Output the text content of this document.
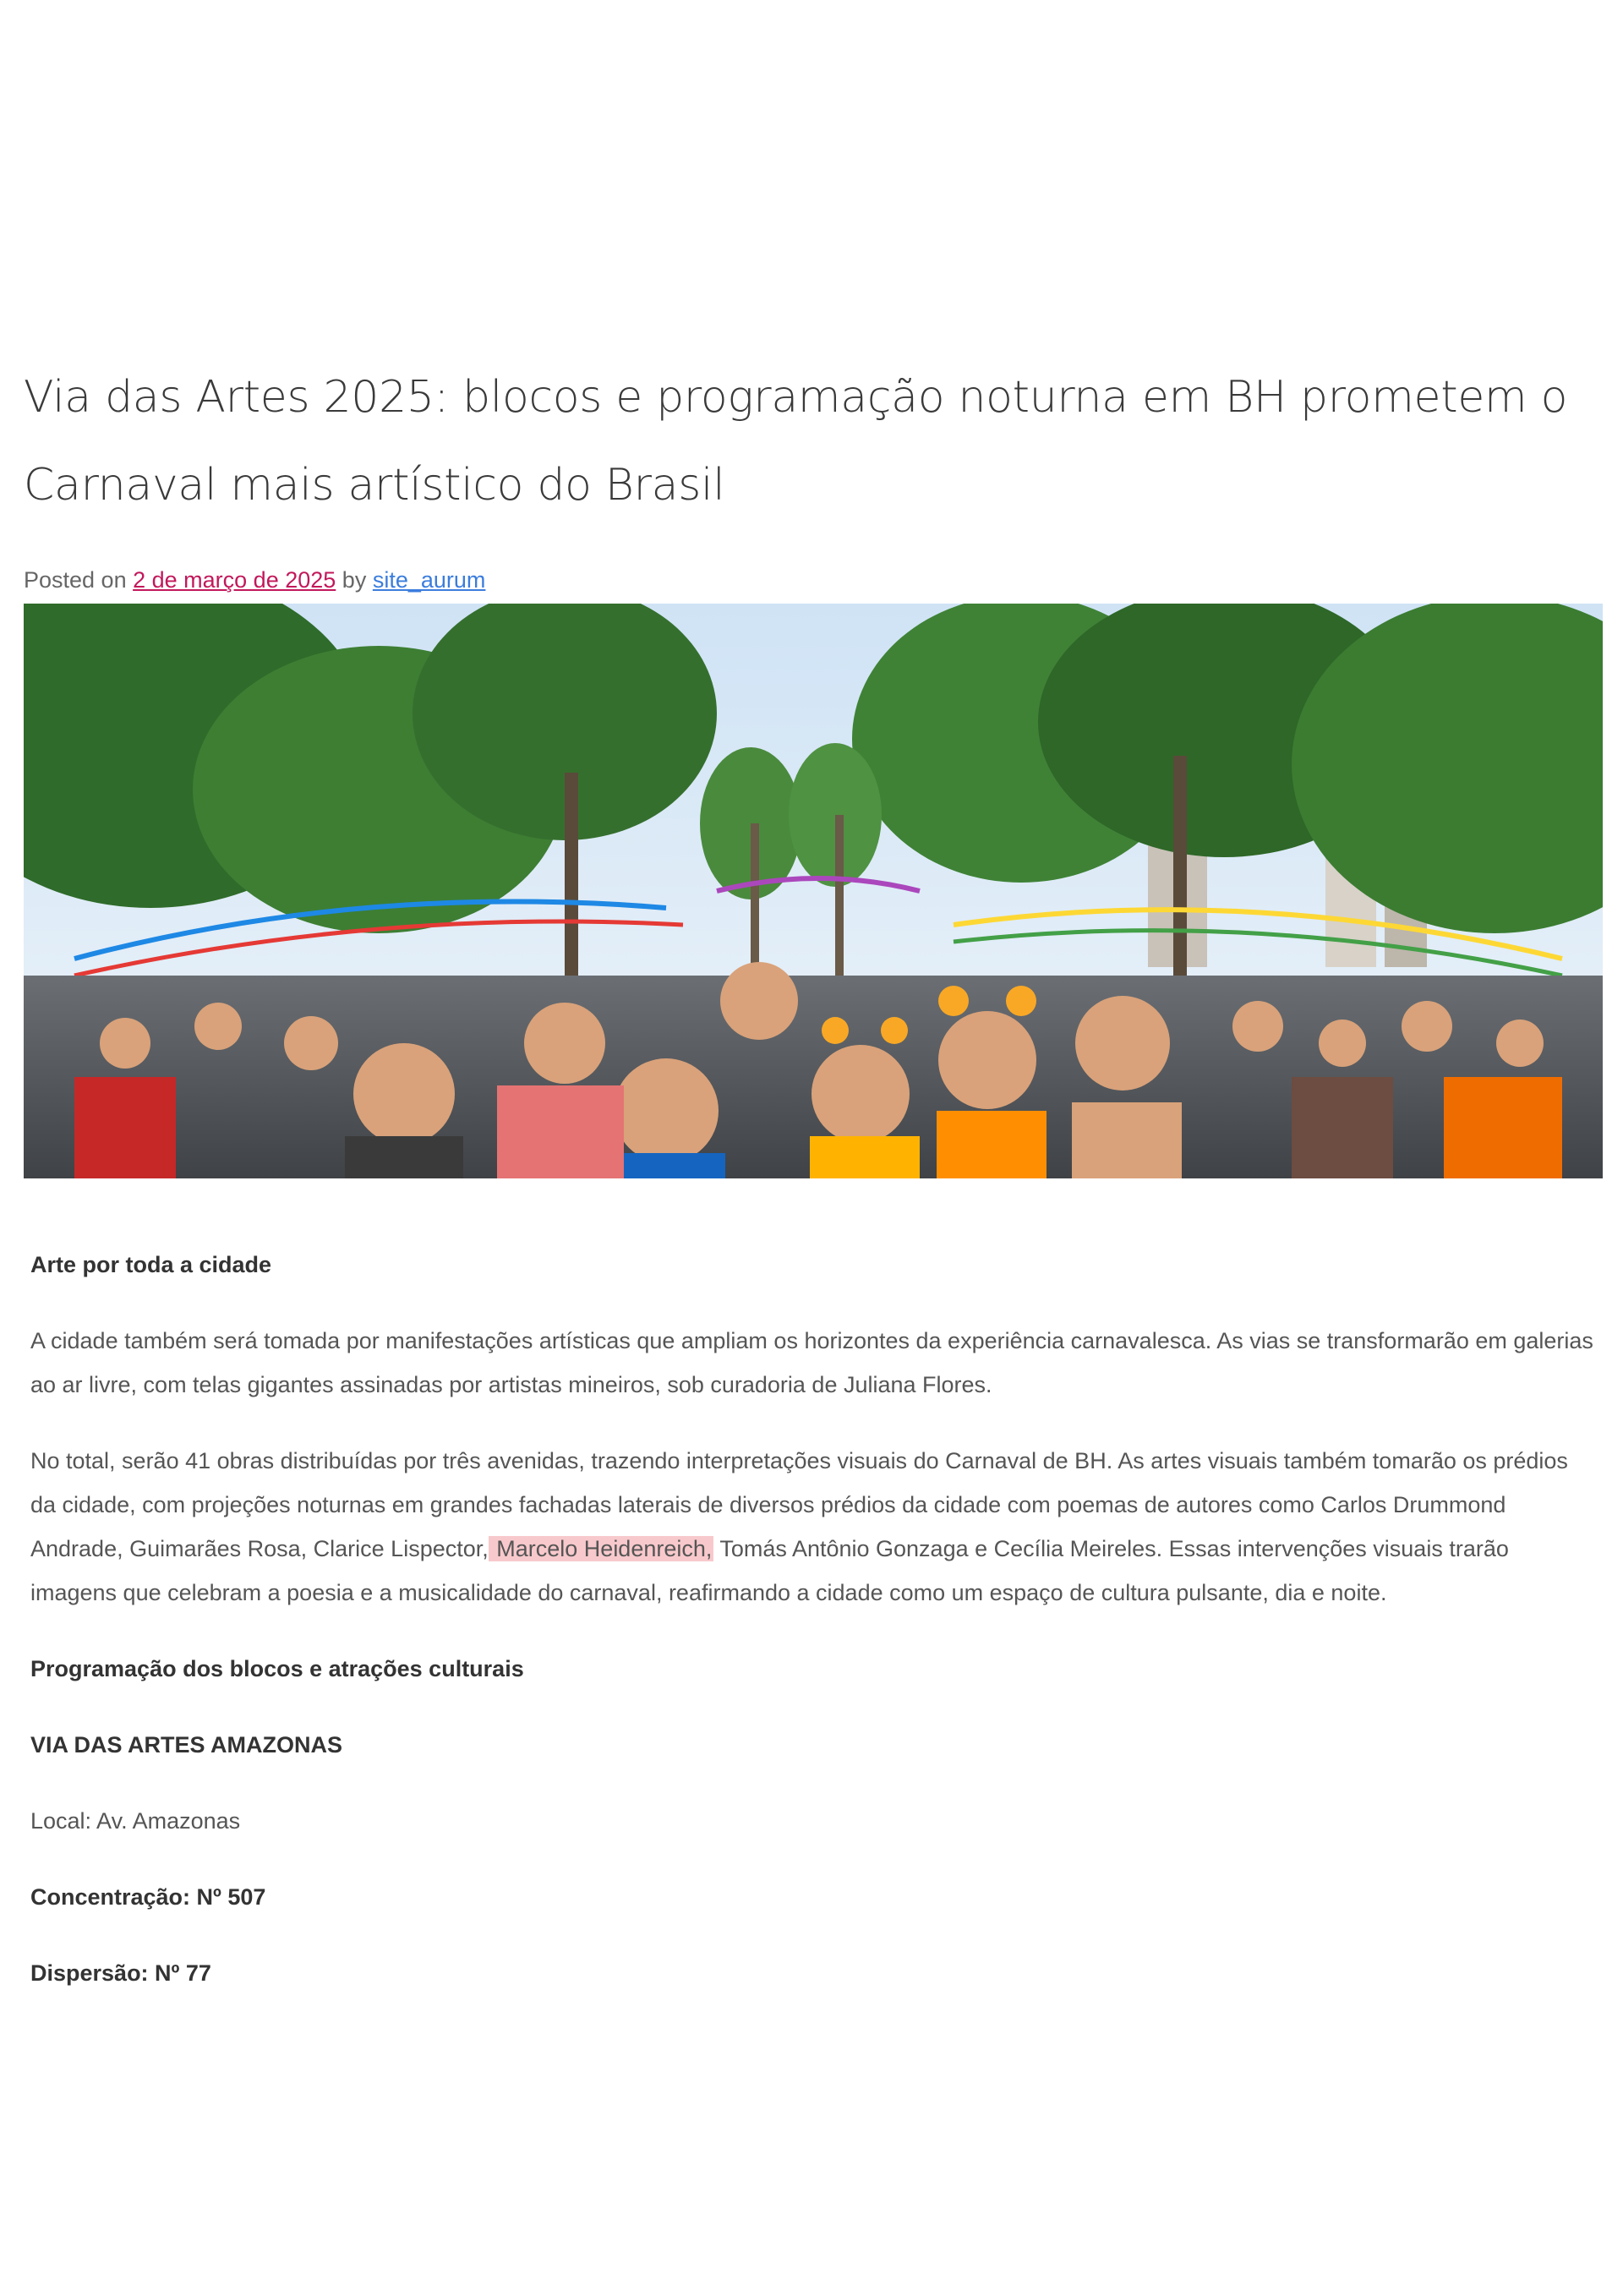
Via das Artes 2025: blocos e programação noturna em BH prometem o Carnaval mais artístico do Brasil
Posted on 2 de março de 2025 by site_aurum

Arte por toda a cidade

A cidade também será tomada por manifestações artísticas que ampliam os horizontes da experiência carnavalesca. As vias se transformarão em galerias ao ar livre, com telas gigantes assinadas por artistas mineiros, sob curadoria de Juliana Flores.

No total, serão 41 obras distribuídas por três avenidas, trazendo interpretações visuais do Carnaval de BH. As artes visuais também tomarão os prédios da cidade, com projeções noturnas em grandes fachadas laterais de diversos prédios da cidade com poemas de autores como Carlos Drummond Andrade, Guimarães Rosa, Clarice Lispector, Marcelo Heidenreich, Tomás Antônio Gonzaga e Cecília Meireles. Essas intervenções visuais trarão imagens que celebram a poesia e a musicalidade do carnaval, reafirmando a cidade como um espaço de cultura pulsante, dia e noite.

Programação dos blocos e atrações culturais

VIA DAS ARTES AMAZONAS

Local: Av. Amazonas

Concentração: Nº 507

Dispersão: Nº 77
